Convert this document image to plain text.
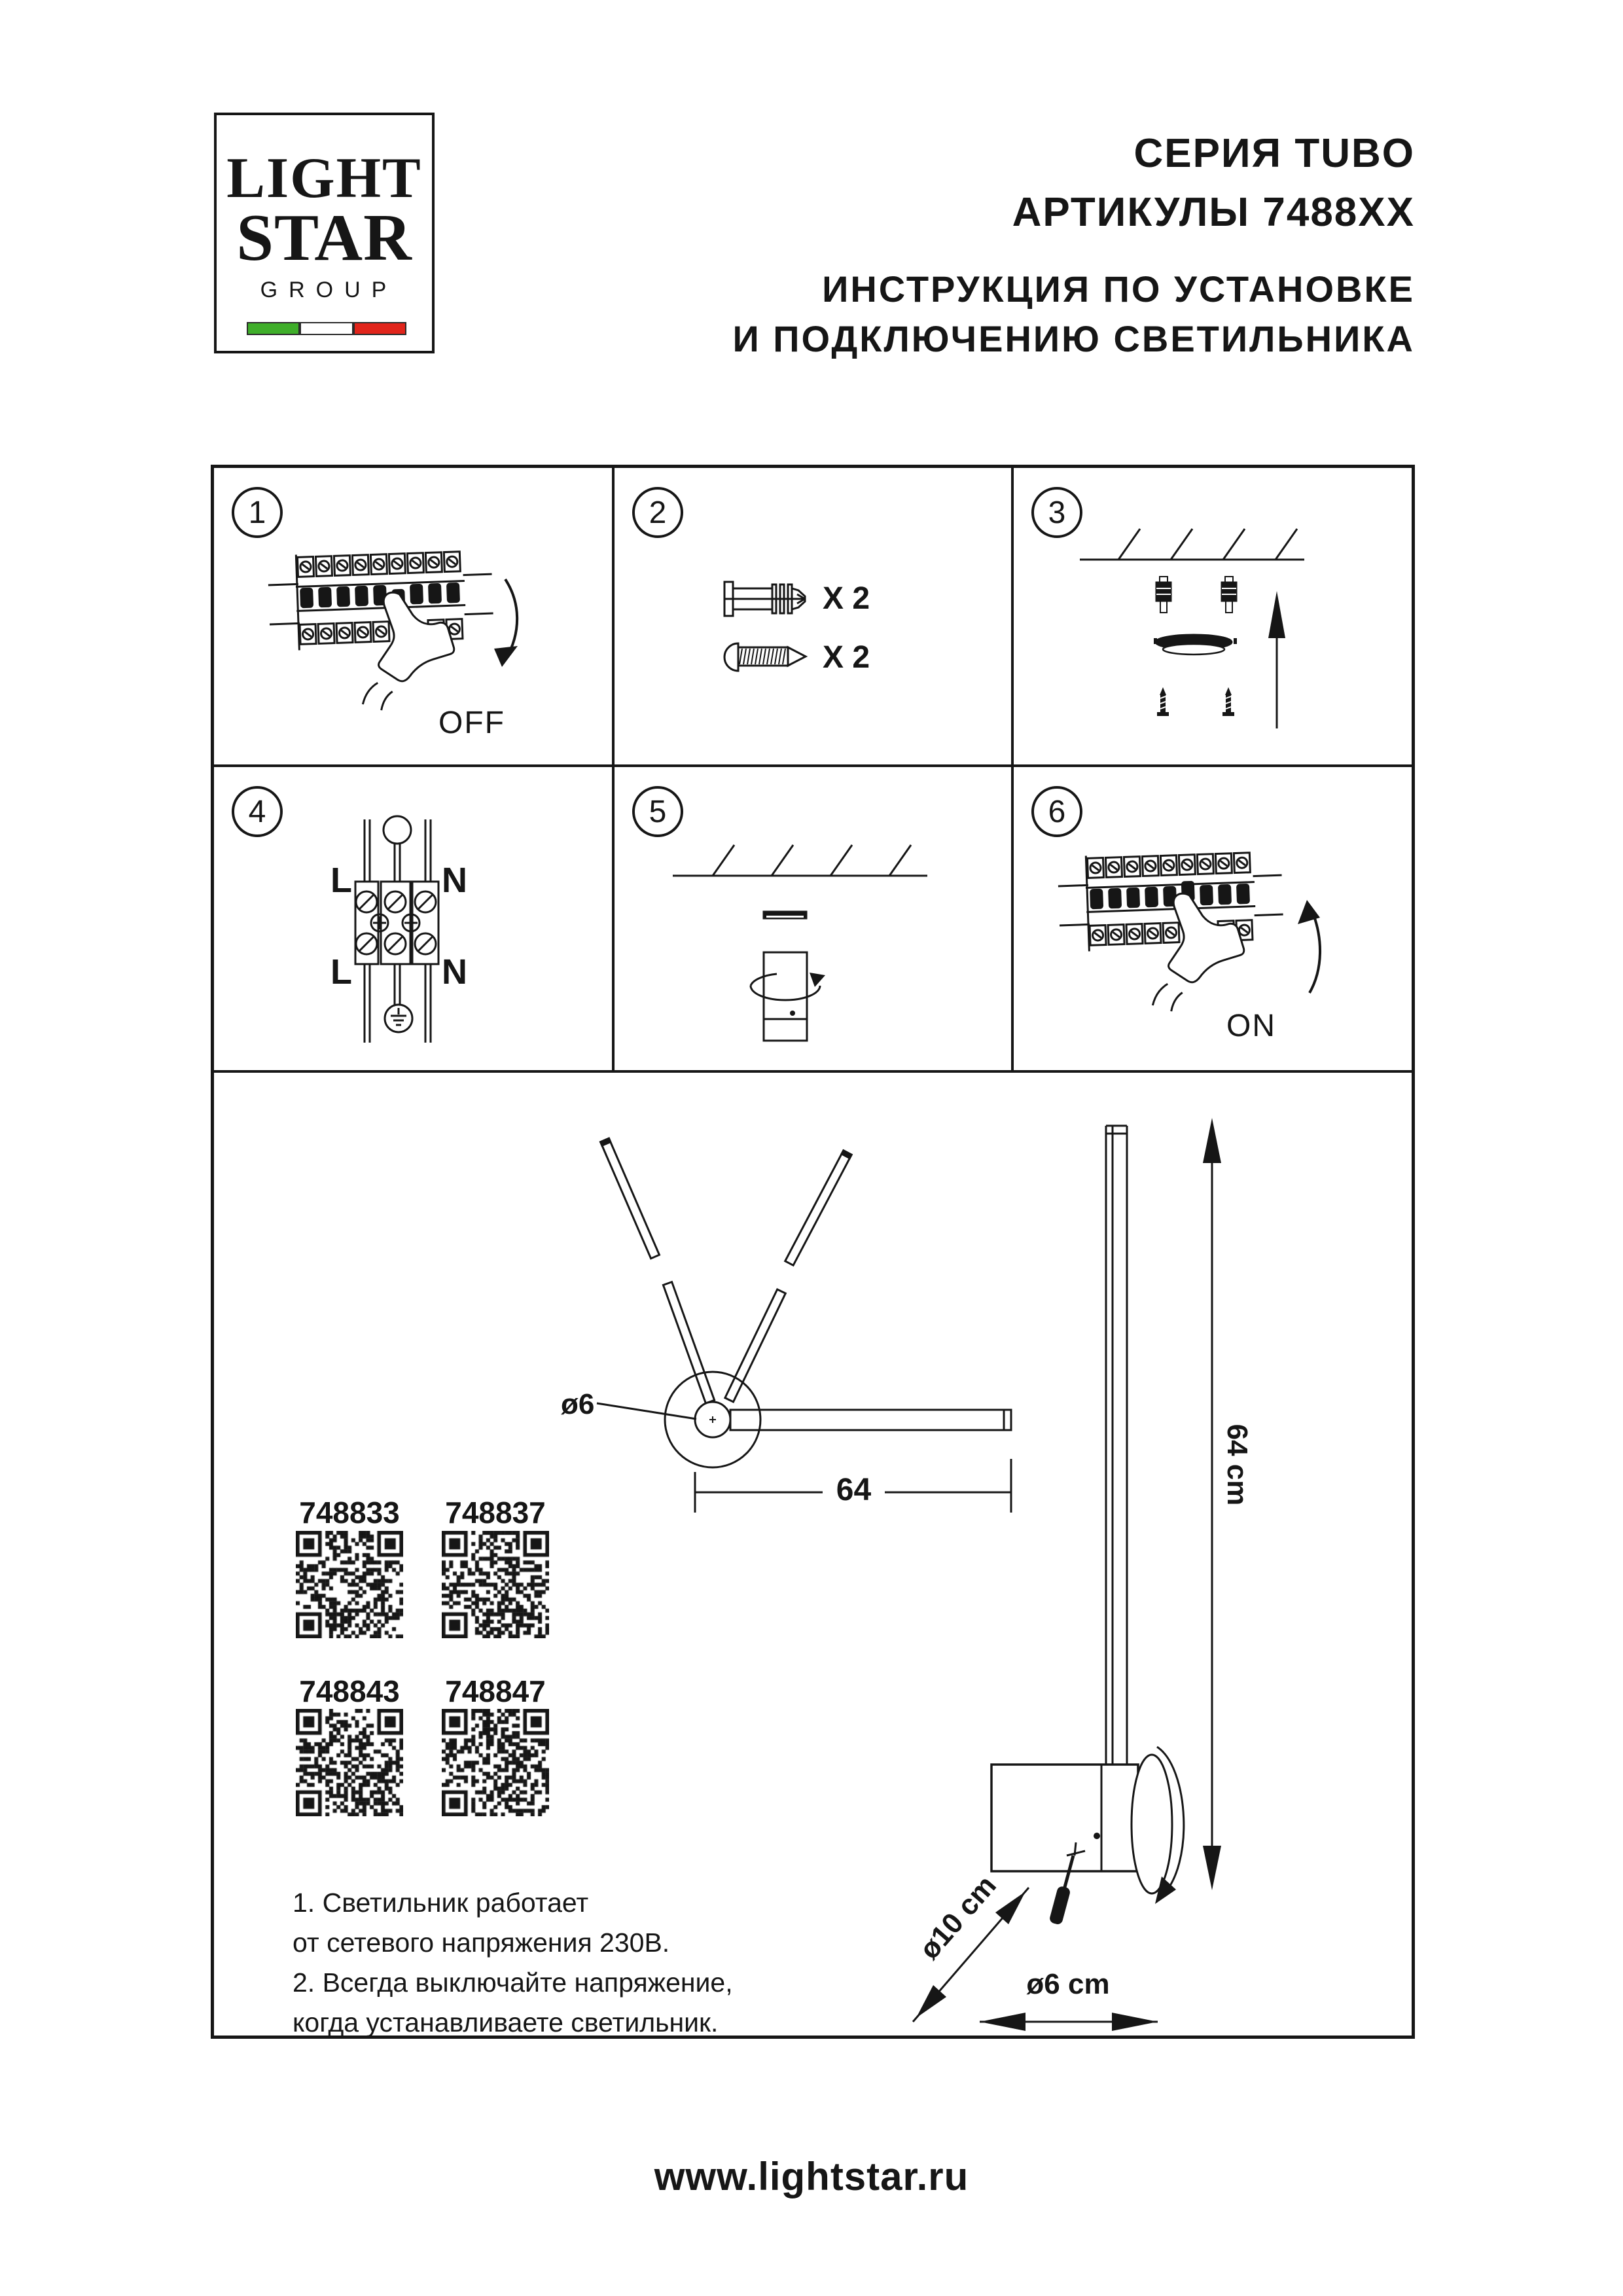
LIGHT
STAR
GROUP
СЕРИЯ TUBO
АРТИКУЛЫ 7488ХХ
ИНСТРУКЦИЯ ПО УСТАНОВКЕ
И ПОДКЛЮЧЕНИЮ СВЕТИЛЬНИКА
1
OFF
2
X 2
X 2
3
4
L	N
L	N
5	6
ON
ø6
64	64 cm
ø10 cm
ø6 cm
748833 748837
748843 748847
1. Светильник работает
от сетевого напряжения 230В.
2. Всегда выключайте напряжение,
когда устанавливаете светильник.
www.lightstar.ru
